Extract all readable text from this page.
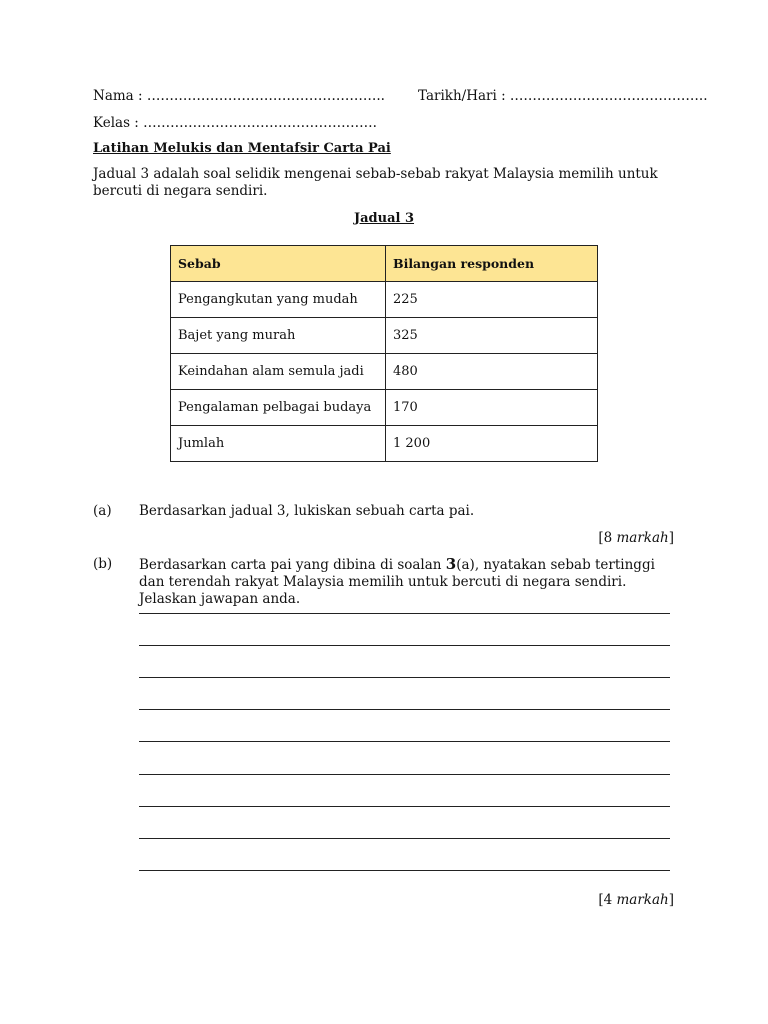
Nama : …………………………………………….. Tarikh/Hari : ……………………………………..
Kelas : …………………………………………….
Latihan Melukis dan Mentafsir Carta Pai
Jadual 3 adalah soal selidik mengenai sebab-sebab rakyat Malaysia memilih untuk bercuti di negara sendiri.
Jadual 3
Sebab	Bilangan responden
Pengangkutan yang mudah	225
Bajet yang murah	325
Keindahan alam semula jadi	480
Pengalaman pelbagai budaya	170
Jumlah	1 200
(a) Berdasarkan jadual 3, lukiskan sebuah carta pai.
[8 markah]
(b) Berdasarkan carta pai yang dibina di soalan 3(a), nyatakan sebab tertinggi dan terendah rakyat Malaysia memilih untuk bercuti di negara sendiri. Jelaskan jawapan anda.
[4 markah]
